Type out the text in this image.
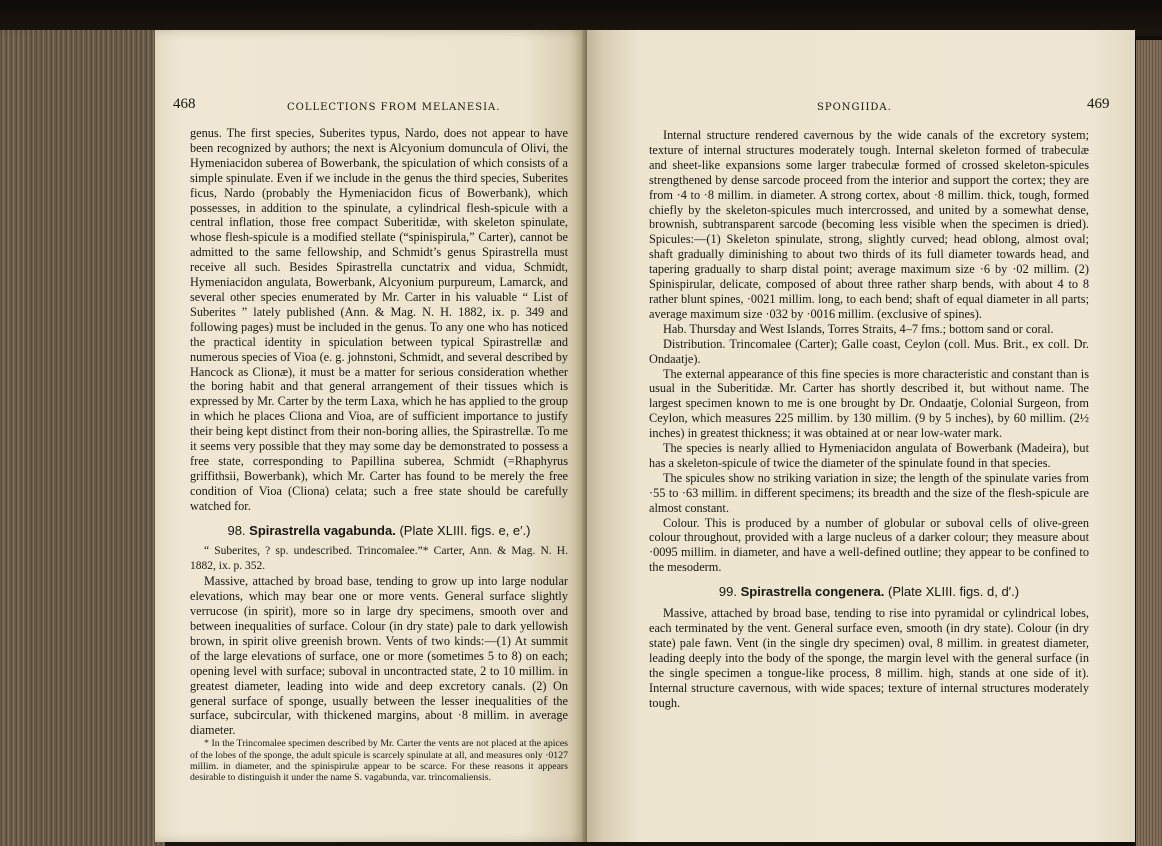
468	COLLECTIONS FROM MELANESIA.

genus. The first species, Suberites typus, Nardo, does not appear to have been recognized by authors; the next is Alcyonium domuncula of Olivi, the Hymeniacidon suberea of Bowerbank, the spiculation of which consists of a simple spinulate. Even if we include in the genus the third species, Suberites ficus, Nardo (probably the Hymeniacidon ficus of Bowerbank), which possesses, in addition to the spinulate, a cylindrical flesh-spicule with a central inflation, those free compact Suberitidæ, with skeleton spinulate, whose flesh-spicule is a modified stellate (“spinispirula,” Carter), cannot be admitted to the same fellowship, and Schmidt’s genus Spirastrella must receive all such. Besides Spirastrella cunctatrix and vidua, Schmidt, Hymeniacidon angulata, Bowerbank, Alcyonium purpureum, Lamarck, and several other species enumerated by Mr. Carter in his valuable “ List of Suberites ” lately published (Ann. & Mag. N. H. 1882, ix. p. 349 and following pages) must be included in the genus. To any one who has noticed the practical identity in spiculation between typical Spirastrellæ and numerous species of Vioa (e. g. johnstoni, Schmidt, and several described by Hancock as Clionæ), it must be a matter for serious consideration whether the boring habit and that general arrangement of their tissues which is expressed by Mr. Carter by the term Laxa, which he has applied to the group in which he places Cliona and Vioa, are of sufficient importance to justify their being kept distinct from their non-boring allies, the Spirastrellæ. To me it seems very possible that they may some day be demonstrated to possess a free state, corresponding to Papillina suberea, Schmidt (=Rhaphyrus griffithsii, Bowerbank), which Mr. Carter has found to be merely the free condition of Vioa (Cliona) celata; such a free state should be carefully watched for.

98. Spirastrella vagabunda. (Plate XLIII. figs. e, e′.)

“ Suberites, ? sp. undescribed. Trincomalee.”* Carter, Ann. & Mag. N. H. 1882, ix. p. 352.

Massive, attached by broad base, tending to grow up into large nodular elevations, which may bear one or more vents. General surface slightly verrucose (in spirit), more so in large dry specimens, smooth over and between inequalities of surface. Colour (in dry state) pale to dark yellowish brown, in spirit olive greenish brown. Vents of two kinds:—(1) At summit of the large elevations of surface, one or more (sometimes 5 to 8) on each; opening level with surface; suboval in uncontracted state, 2 to 10 millim. in greatest diameter, leading into wide and deep excretory canals. (2) On general surface of sponge, usually between the lesser inequalities of the surface, subcircular, with thickened margins, about ·8 millim. in average diameter.

* In the Trincomalee specimen described by Mr. Carter the vents are not placed at the apices of the lobes of the sponge, the adult spicule is scarcely spinulate at all, and measures only ·0127 millim. in diameter, and the spinispirulæ appear to be scarce. For these reasons it appears desirable to distinguish it under the name S. vagabunda, var. trincomaliensis.

SPONGIIDA.	469

Internal structure rendered cavernous by the wide canals of the excretory system; texture of internal structures moderately tough. Internal skeleton formed of trabeculæ and sheet-like expansions some larger trabeculæ formed of crossed skeleton-spicules strengthened by dense sarcode proceed from the interior and support the cortex; they are from ·4 to ·8 millim. in diameter. A strong cortex, about ·8 millim. thick, tough, formed chiefly by the skeleton-spicules much intercrossed, and united by a somewhat dense, brownish, subtransparent sarcode (becoming less visible when the specimen is dried). Spicules:—(1) Skeleton spinulate, strong, slightly curved; head oblong, almost oval; shaft gradually diminishing to about two thirds of its full diameter towards head, and tapering gradually to sharp distal point; average maximum size ·6 by ·02 millim. (2) Spinispirular, delicate, composed of about three rather sharp bends, with about 4 to 8 rather blunt spines, ·0021 millim. long, to each bend; shaft of equal diameter in all parts; average maximum size ·032 by ·0016 millim. (exclusive of spines).

Hab. Thursday and West Islands, Torres Straits, 4–7 fms.; bottom sand or coral.

Distribution. Trincomalee (Carter); Galle coast, Ceylon (coll. Mus. Brit., ex coll. Dr. Ondaatje).

The external appearance of this fine species is more characteristic and constant than is usual in the Suberitidæ. Mr. Carter has shortly described it, but without name. The largest specimen known to me is one brought by Dr. Ondaatje, Colonial Surgeon, from Ceylon, which measures 225 millim. by 130 millim. (9 by 5 inches), by 60 millim. (2½ inches) in greatest thickness; it was obtained at or near low-water mark.

The species is nearly allied to Hymeniacidon angulata of Bowerbank (Madeira), but has a skeleton-spicule of twice the diameter of the spinulate found in that species.

The spicules show no striking variation in size; the length of the spinulate varies from ·55 to ·63 millim. in different specimens; its breadth and the size of the flesh-spicule are almost constant.

Colour. This is produced by a number of globular or suboval cells of olive-green colour throughout, provided with a large nucleus of a darker colour; they measure about ·0095 millim. in diameter, and have a well-defined outline; they appear to be confined to the mesoderm.

99. Spirastrella congenera. (Plate XLIII. figs. d, d′.)

Massive, attached by broad base, tending to rise into pyramidal or cylindrical lobes, each terminated by the vent. General surface even, smooth (in dry state). Colour (in dry state) pale fawn. Vent (in the single dry specimen) oval, 8 millim. in greatest diameter, leading deeply into the body of the sponge, the margin level with the general surface (in the single specimen a tongue-like process, 8 millim. high, stands at one side of it). Internal structure cavernous, with wide spaces; texture of internal structures moderately tough.
